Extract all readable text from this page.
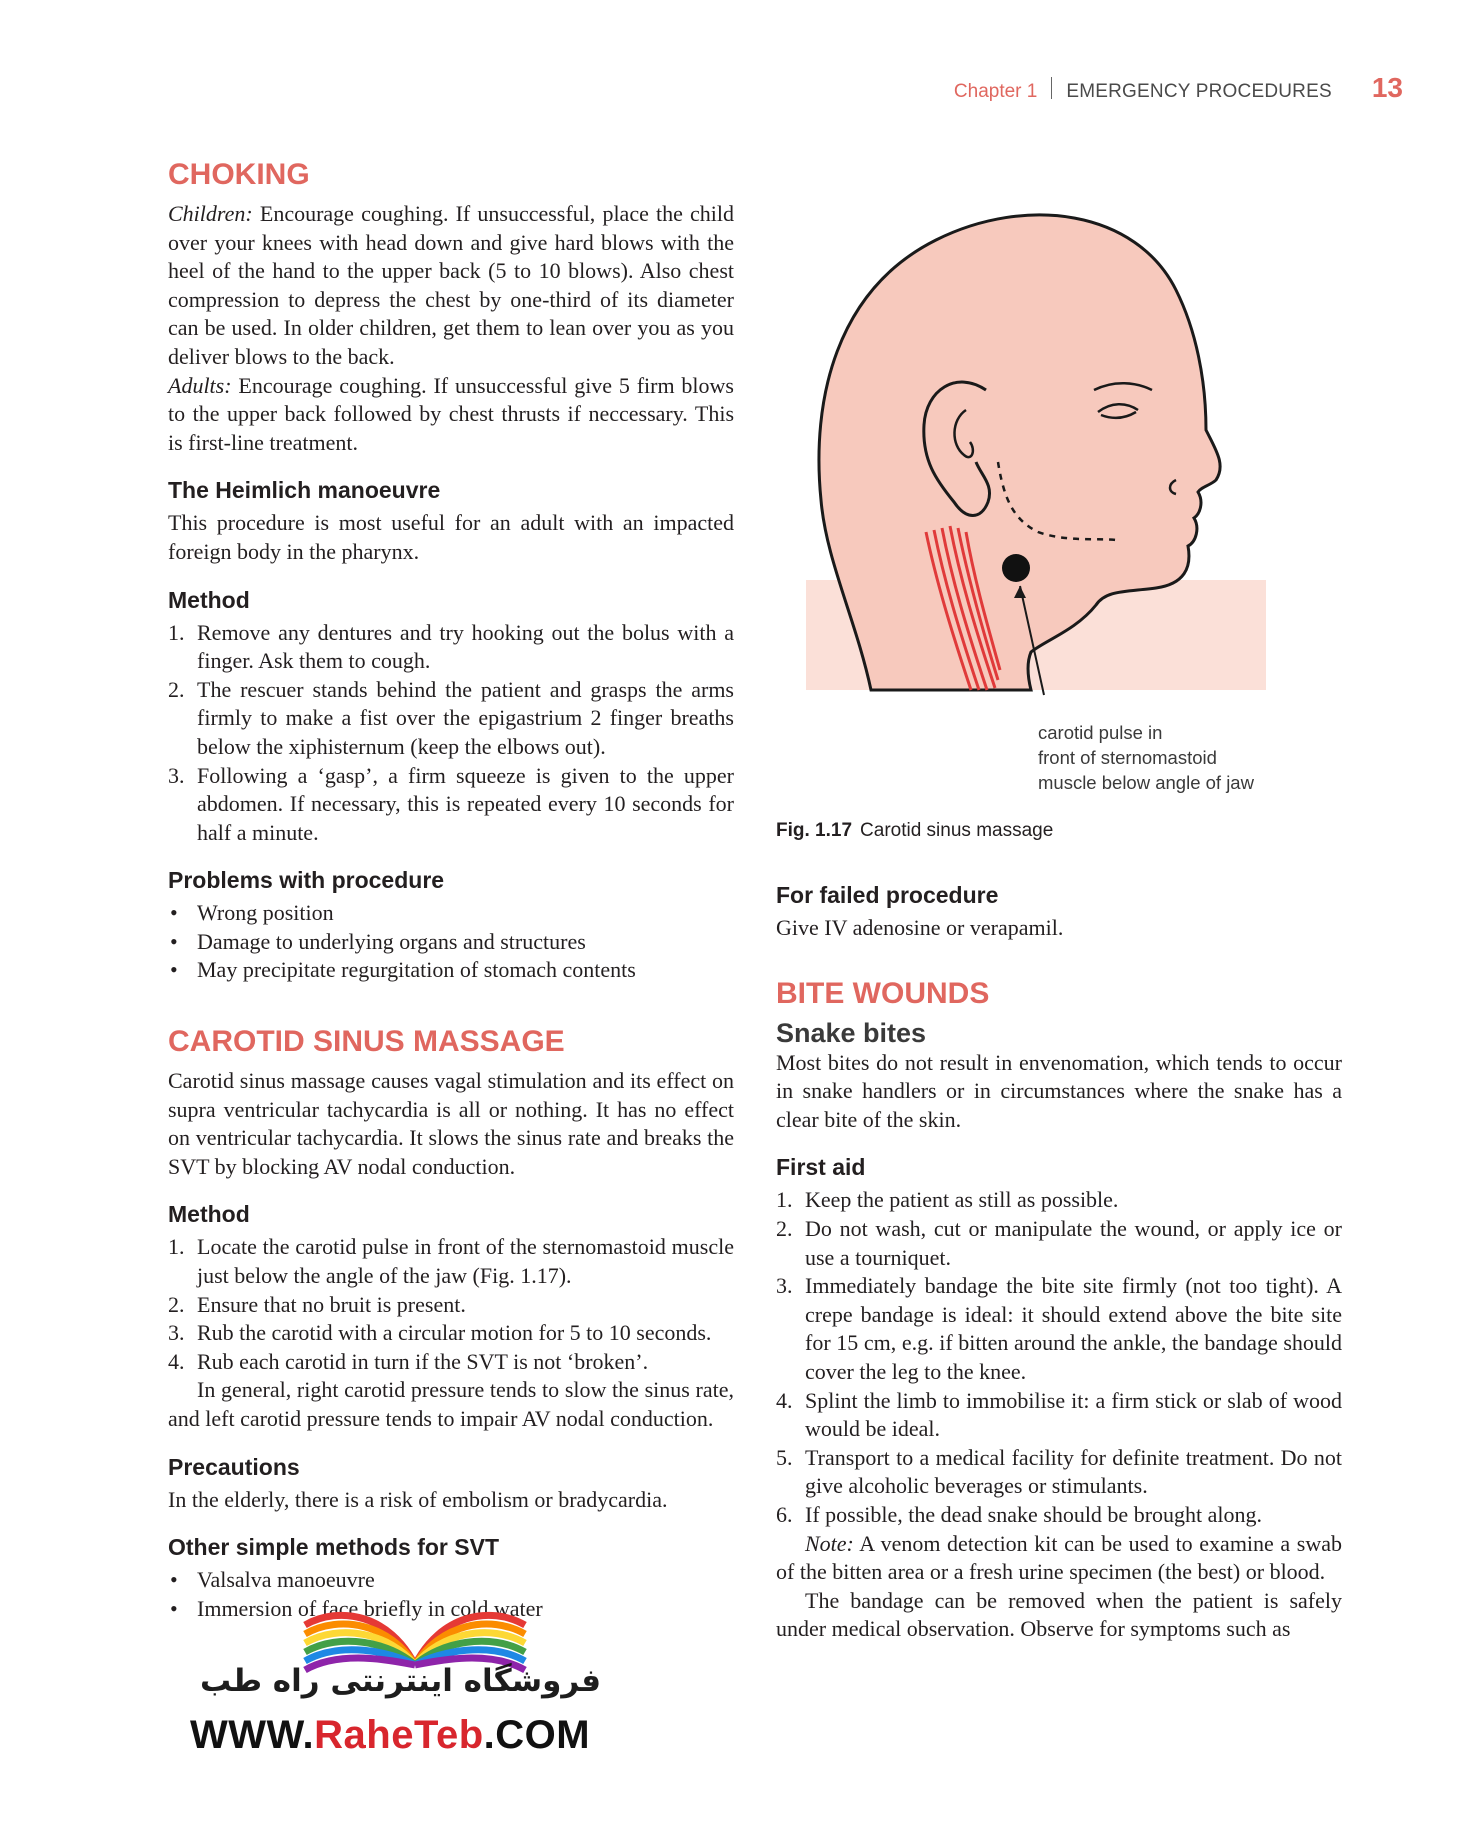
Chapter 1 EMERGENCY PROCEDURES 13
CHOKING

Children: Encourage coughing. If unsuccessful, place the child over your knees with head down and give hard blows with the heel of the hand to the upper back (5 to 10 blows). Also chest compression to depress the chest by one-third of its diameter can be used. In older children, get them to lean over you as you deliver blows to the back.

Adults: Encourage coughing. If unsuccessful give 5 firm blows to the upper back followed by chest thrusts if neccessary. This is first-line treatment.

The Heimlich manoeuvre

This procedure is most useful for an adult with an impacted foreign body in the pharynx.

Method
1. Remove any dentures and try hooking out the bolus with a finger. Ask them to cough.
2. The rescuer stands behind the patient and grasps the arms firmly to make a fist over the epigastrium 2 finger breaths below the xiphisternum (keep the elbows out).
3. Following a ‘gasp’, a firm squeeze is given to the upper abdomen. If necessary, this is repeated every 10 seconds for half a minute.
Problems with procedure
• Wrong position
• Damage to underlying organs and structures
• May precipitate regurgitation of stomach contents
CAROTID SINUS MASSAGE

Carotid sinus massage causes vagal stimulation and its effect on supra ventricular tachycardia is all or nothing. It has no effect on ventricular tachycardia. It slows the sinus rate and breaks the SVT by blocking AV nodal conduction.

Method
1. Locate the carotid pulse in front of the sternomastoid muscle just below the angle of the jaw (Fig. 1.17).
2. Ensure that no bruit is present.
3. Rub the carotid with a circular motion for 5 to 10 seconds.
4. Rub each carotid in turn if the SVT is not ‘broken’.

In general, right carotid pressure tends to slow the sinus rate, and left carotid pressure tends to impair AV nodal conduction.

Precautions

In the elderly, there is a risk of embolism or bradycardia.

Other simple methods for SVT
• Valsalva manoeuvre
• Immersion of face briefly in cold water
carotid pulse in
front of sternomastoid
muscle below angle of jaw
Fig. 1.17 Carotid sinus massage
For failed procedure

Give IV adenosine or verapamil.

BITE WOUNDS
Snake bites

Most bites do not result in envenomation, which tends to occur in snake handlers or in circumstances where the snake has a clear bite of the skin.

First aid
1. Keep the patient as still as possible.
2. Do not wash, cut or manipulate the wound, or apply ice or use a tourniquet.
3. Immediately bandage the bite site firmly (not too tight). A crepe bandage is ideal: it should extend above the bite site for 15 cm, e.g. if bitten around the ankle, the bandage should cover the leg to the knee.
4. Splint the limb to immobilise it: a firm stick or slab of wood would be ideal.
5. Transport to a medical facility for definite treatment. Do not give alcoholic beverages or stimulants.
6. If possible, the dead snake should be brought along.

Note: A venom detection kit can be used to examine a swab of the bitten area or a fresh urine specimen (the best) or blood.

The bandage can be removed when the patient is safely under medical observation. Observe for symptoms such as

فروشگاه اینترنتی راه طب
WWW.RaheTeb.COM
